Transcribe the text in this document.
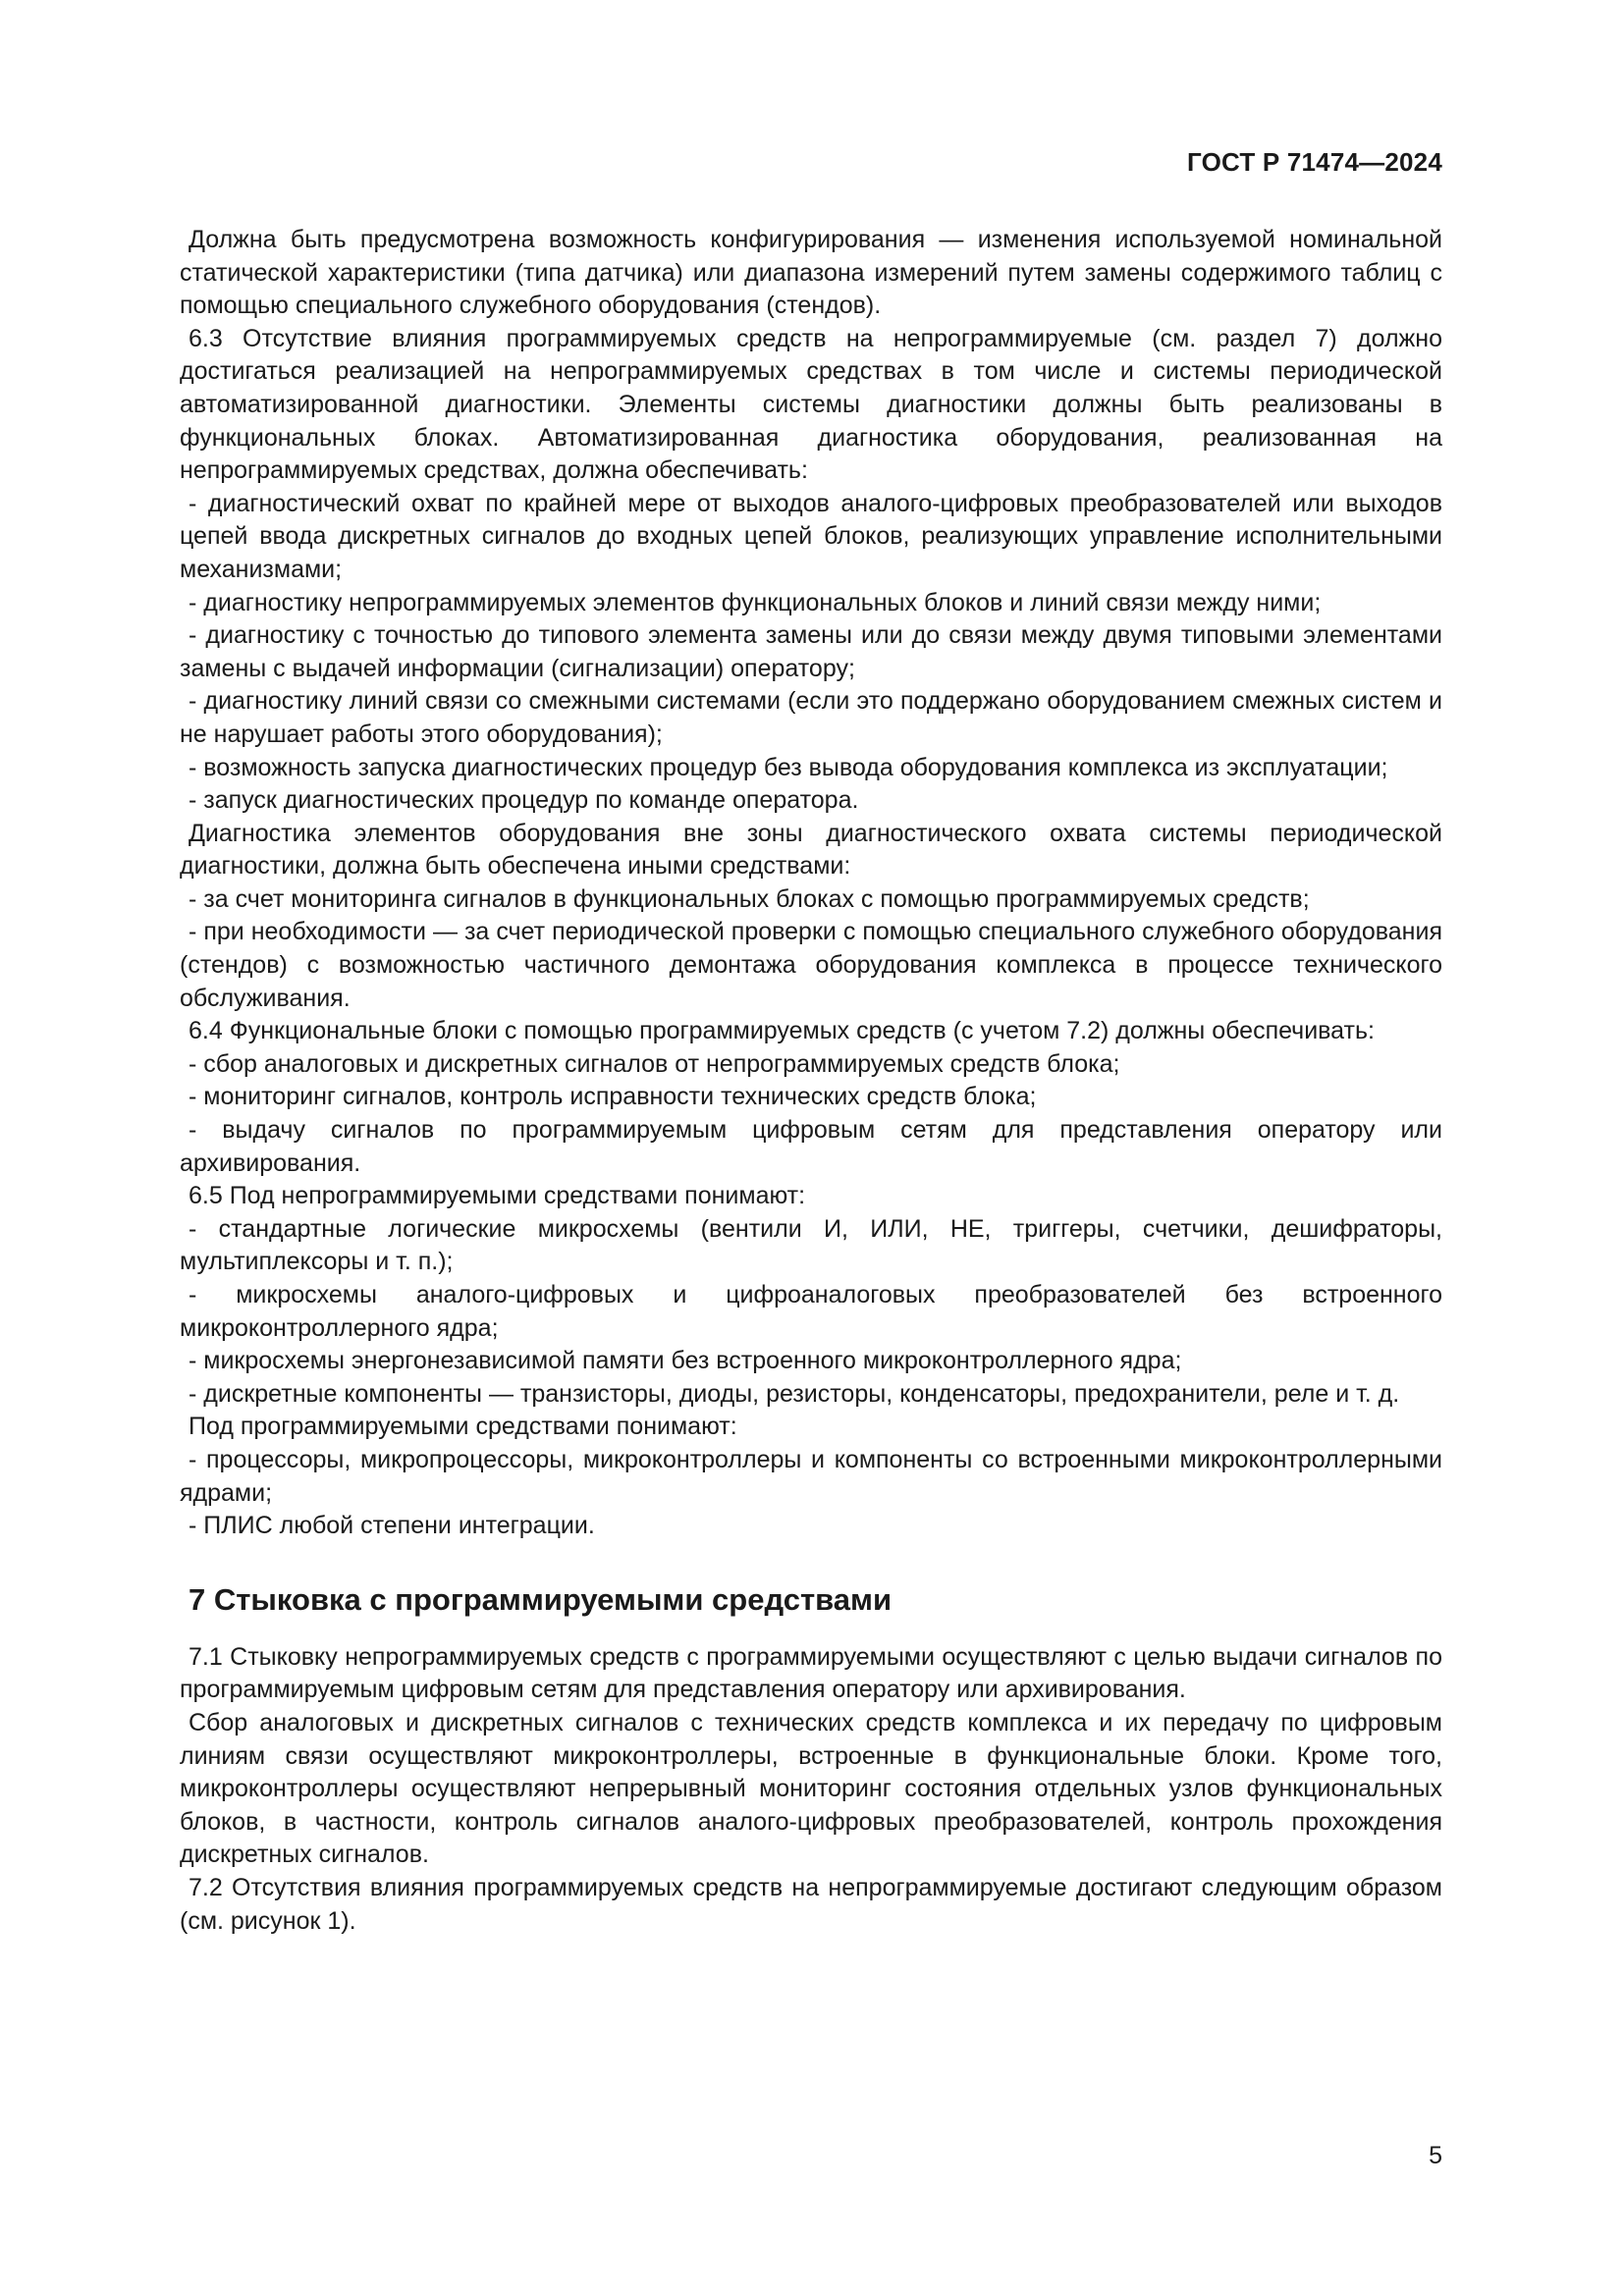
ГОСТ Р 71474—2024

Должна быть предусмотрена возможность конфигурирования — изменения используемой номинальной статической характеристики (типа датчика) или диапазона измерений путем замены содержимого таблиц с помощью специального служебного оборудования (стендов).

6.3 Отсутствие влияния программируемых средств на непрограммируемые (см. раздел 7) должно достигаться реализацией на непрограммируемых средствах в том числе и системы периодической автоматизированной диагностики. Элементы системы диагностики должны быть реализованы в функциональных блоках. Автоматизированная диагностика оборудования, реализованная на непрограммируемых средствах, должна обеспечивать:

- диагностический охват по крайней мере от выходов аналого-цифровых преобразователей или выходов цепей ввода дискретных сигналов до входных цепей блоков, реализующих управление исполнительными механизмами;

- диагностику непрограммируемых элементов функциональных блоков и линий связи между ними;

- диагностику с точностью до типового элемента замены или до связи между двумя типовыми элементами замены с выдачей информации (сигнализации) оператору;

- диагностику линий связи со смежными системами (если это поддержано оборудованием смежных систем и не нарушает работы этого оборудования);

- возможность запуска диагностических процедур без вывода оборудования комплекса из эксплуатации;

- запуск диагностических процедур по команде оператора.

Диагностика элементов оборудования вне зоны диагностического охвата системы периодической диагностики, должна быть обеспечена иными средствами:

- за счет мониторинга сигналов в функциональных блоках с помощью программируемых средств;

- при необходимости — за счет периодической проверки с помощью специального служебного оборудования (стендов) с возможностью частичного демонтажа оборудования комплекса в процессе технического обслуживания.

6.4 Функциональные блоки с помощью программируемых средств (с учетом 7.2) должны обеспечивать:

- сбор аналоговых и дискретных сигналов от непрограммируемых средств блока;

- мониторинг сигналов, контроль исправности технических средств блока;

- выдачу сигналов по программируемым цифровым сетям для представления оператору или архивирования.

6.5 Под непрограммируемыми средствами понимают:

- стандартные логические микросхемы (вентили И, ИЛИ, НЕ, триггеры, счетчики, дешифраторы, мультиплексоры и т. п.);

- микросхемы аналого-цифровых и цифроаналоговых преобразователей без встроенного микроконтроллерного ядра;

- микросхемы энергонезависимой памяти без встроенного микроконтроллерного ядра;

- дискретные компоненты — транзисторы, диоды, резисторы, конденсаторы, предохранители, реле и т. д.

Под программируемыми средствами понимают:

- процессоры, микропроцессоры, микроконтроллеры и компоненты со встроенными микроконтроллерными ядрами;

- ПЛИС любой степени интеграции.

7 Стыковка с программируемыми средствами

7.1 Стыковку непрограммируемых средств с программируемыми осуществляют с целью выдачи сигналов по программируемым цифровым сетям для представления оператору или архивирования.

Сбор аналоговых и дискретных сигналов с технических средств комплекса и их передачу по цифровым линиям связи осуществляют микроконтроллеры, встроенные в функциональные блоки. Кроме того, микроконтроллеры осуществляют непрерывный мониторинг состояния отдельных узлов функциональных блоков, в частности, контроль сигналов аналого-цифровых преобразователей, контроль прохождения дискретных сигналов.

7.2 Отсутствия влияния программируемых средств на непрограммируемые достигают следующим образом (см. рисунок 1).

5
